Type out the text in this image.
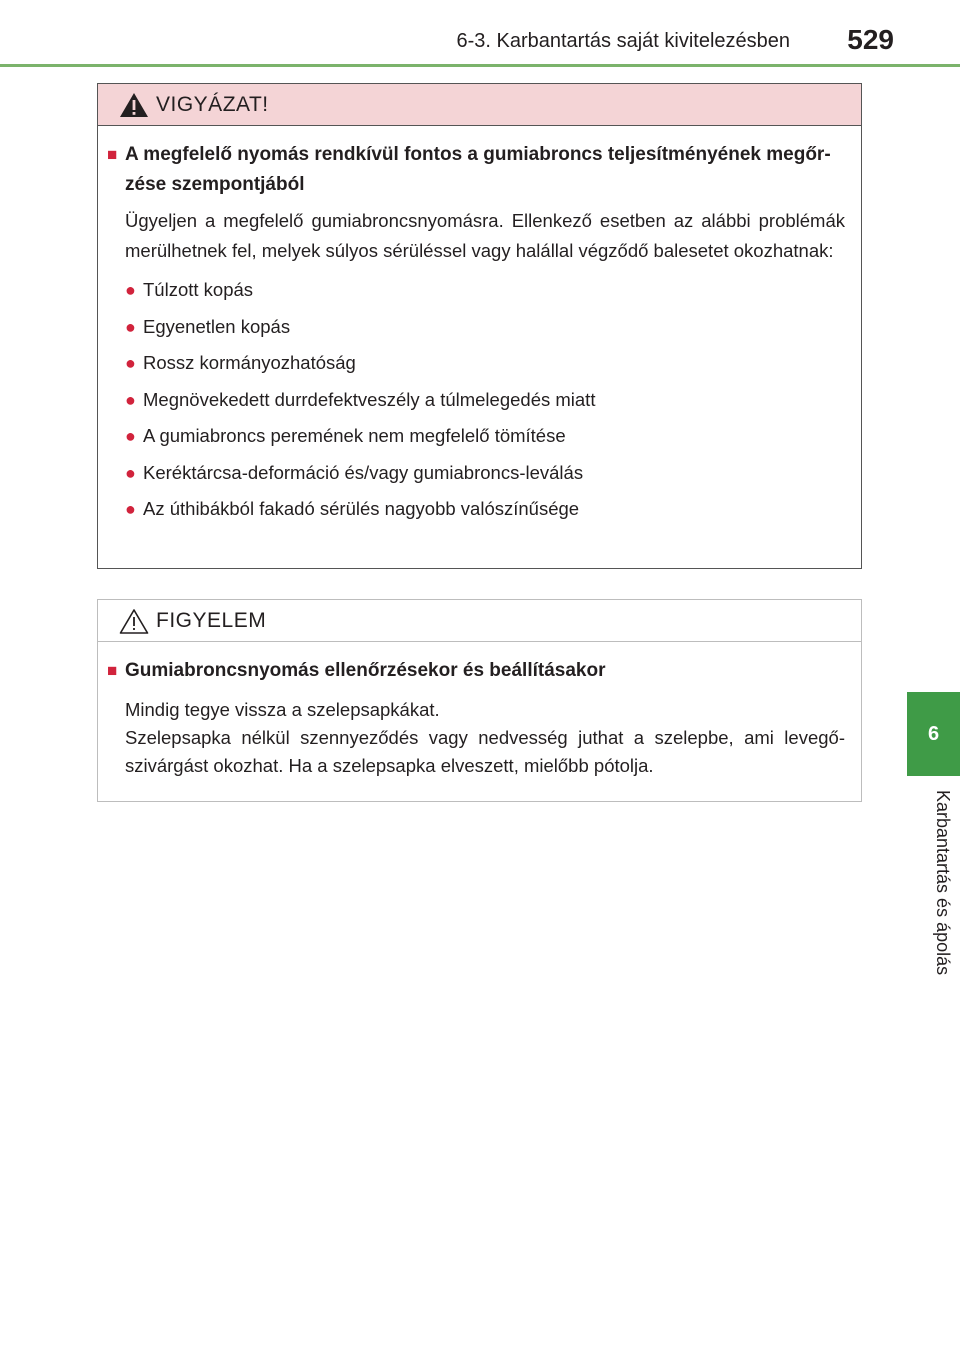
6-3. Karbantartás saját kivitelezésben 529
6
Karbantartás és ápolás
VIGYÁZAT!
■ A megfelelő nyomás rendkívül fontos a gumiabroncs teljesítményének megőrzése szempontjából
Ügyeljen a megfelelő gumiabroncsnyomásra. Ellenkező esetben az alábbi problémák merülhetnek fel, melyek súlyos sérüléssel vagy halállal végződő balesetet okozhatnak:
● Túlzott kopás
● Egyenetlen kopás
● Rossz kormányozhatóság
● Megnövekedett durrdefektveszély a túlmelegedés miatt
● A gumiabroncs peremének nem megfelelő tömítése
● Keréktárcsa-deformáció és/vagy gumiabroncs-leválás
● Az úthibákból fakadó sérülés nagyobb valószínűsége
FIGYELEM
■ Gumiabroncsnyomás ellenőrzésekor és beállításakor
Mindig tegye vissza a szelepsapkákat.
Szelepsapka nélkül szennyeződés vagy nedvesség juthat a szelepbe, ami levegőszivárgást okozhat. Ha a szelepsapka elveszett, mielőbb pótolja.
